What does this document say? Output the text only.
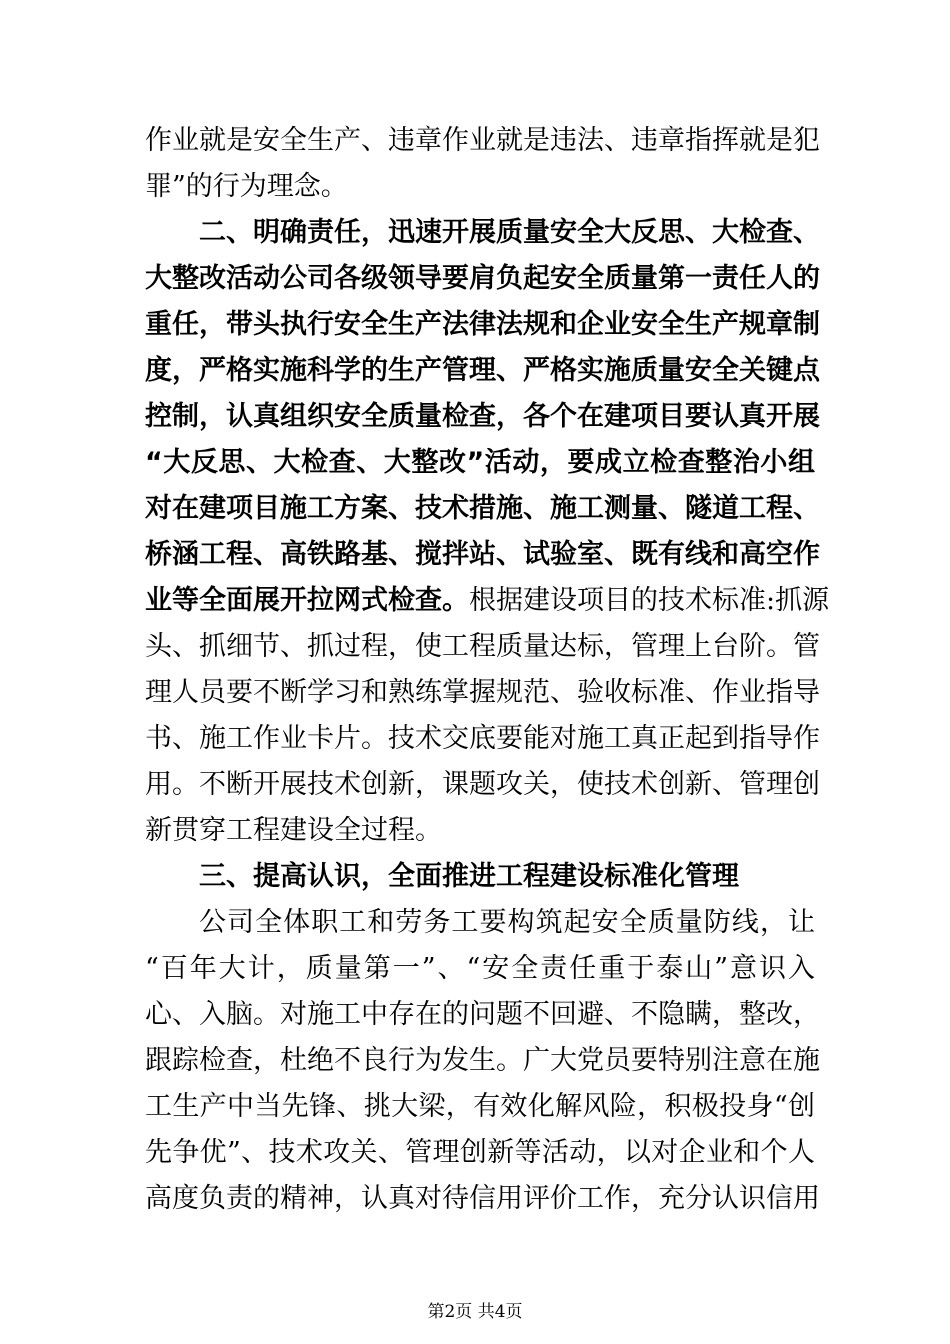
作业就是安全生产、违章作业就是违法、违章指挥就是犯
罪”的行为理念。
二、明确责任，迅速开展质量安全大反思、大检查、
大整改活动公司各级领导要肩负起安全质量第一责任人的
重任，带头执行安全生产法律法规和企业安全生产规章制
度，严格实施科学的生产管理、严格实施质量安全关键点
控制，认真组织安全质量检查，各个在建项目要认真开展
“大反思、大检查、大整改”活动，要成立检查整治小组
对在建项目施工方案、技术措施、施工测量、隧道工程、
桥涵工程、高铁路基、搅拌站、试验室、既有线和高空作
业等全面展开拉网式检查。根据建设项目的技术标准:抓源
头、抓细节、抓过程，使工程质量达标，管理上台阶。管
理人员要不断学习和熟练掌握规范、验收标准、作业指导
书、施工作业卡片。技术交底要能对施工真正起到指导作
用。不断开展技术创新，课题攻关，使技术创新、管理创
新贯穿工程建设全过程。
三、提高认识，全面推进工程建设标准化管理
公司全体职工和劳务工要构筑起安全质量防线，让
“百年大计，质量第一”、“安全责任重于泰山”意识入
心、入脑。对施工中存在的问题不回避、不隐瞒，整改，
跟踪检查，杜绝不良行为发生。广大党员要特别注意在施
工生产中当先锋、挑大梁，有效化解风险，积极投身“创
先争优”、技术攻关、管理创新等活动，以对企业和个人
高度负责的精神，认真对待信用评价工作，充分认识信用
第2页 共4页
